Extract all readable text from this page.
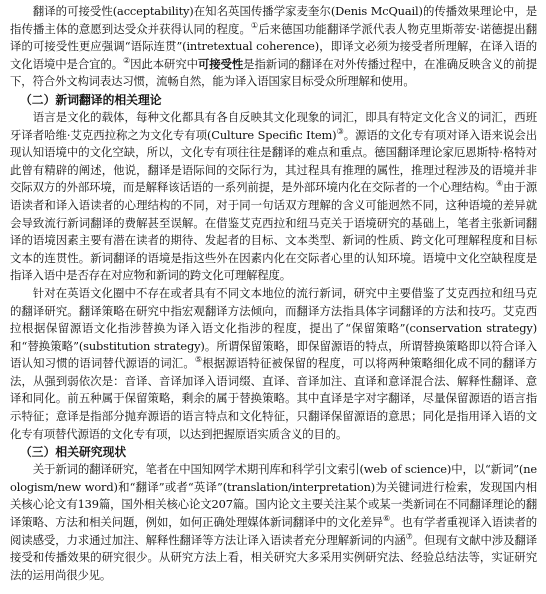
翻译的可接受性(acceptability)在知名英国传播学家麦奎尔(Denis McQuail)的传播效果理论中，是指传播主体的意愿到达受众并获得认同的程度。①后来德国功能翻译学派代表人物克里斯蒂安·诺德提出翻译的可接受性更应强调“语际连贯”(intretextual coherence)，即译文必须为接受者所理解，在译入语的文化语境中是合宜的。②因此本研究中可接受性是指新词的翻译在对外传播过程中，在准确反映含义的前提下，符合外文构词表达习惯，流畅自然，能为译入语国家目标受众所理解和使用。

（二）新词翻译的相关理论

语言是文化的载体，每种文化都具有各自反映其文化现象的词汇，即具有特定文化含义的词汇，西班牙译者哈维·艾克西拉称之为文化专有项(Culture Specific Item)③。源语的文化专有项对译入语来说会出现认知语境中的文化空缺，所以，文化专有项往往是翻译的难点和重点。德国翻译理论家厄恩斯特·格特对此曾有精辟的阐述，他说，翻译是语际间的交际行为，其过程具有推理的属性，推理过程涉及的语境并非交际双方的外部环境，而是解释该话语的一系列前提，是外部环境内化在交际者的一个心理结构。④由于源语读者和译入语读者的心理结构的不同，对于同一句话双方理解的含义可能迥然不同，这种语境的差异就会导致流行新词翻译的费解甚至误解。在借鉴艾克西拉和纽马克关于语境研究的基础上，笔者主张新词翻译的语境因素主要有潜在读者的期待、发起者的目标、文本类型、新词的性质、跨文化可理解程度和目标文本的连贯性。新词翻译的语境是指这些外在因素内化在交际者心里的认知环境。语境中文化空缺程度是指译入语中是否存在对应物和新词的跨文化可理解程度。

针对在英语文化圈中不存在或者具有不同文本地位的流行新词，研究中主要借鉴了艾克西拉和纽马克的翻译研究。翻译策略在研究中指宏观翻译方法倾向，而翻译方法指具体字词翻译的方法和技巧。艾克西拉根据保留源语文化指涉替换为译入语文化指涉的程度，提出了“保留策略”(conservation strategy)和“替换策略”(substitution strategy)。所谓保留策略，即保留源语的特点，所谓替换策略即以符合译入语认知习惯的语词替代源语的词汇。⑤根据源语特征被保留的程度，可以将两种策略细化成不同的翻译方法，从强到弱依次是：音译、音译加译入语词缀、直译、音译加注、直译和意译混合法、解释性翻译、意译和同化。前五种属于保留策略，剩余的属于替换策略。其中直译是字对字翻译，尽量保留源语的语言指示特征；意译是指部分抛弃源语的语言特点和文化特征，只翻译保留源语的意思；同化是指用译入语的文化专有项替代源语的文化专有项，以达到把握原语实质含义的目的。

（三）相关研究现状

关于新词的翻译研究，笔者在中国知网学术期刊库和科学引文索引(web of science)中，以“新词”(neologism/new word)和“翻译”或者“英译”(translation/interpretation)为关键词进行检索，发现国内相关核心论文有139篇，国外相关核心论文207篇。国内论文主要关注某个或某一类新词在不同翻译理论的翻译策略、方法和相关问题，例如，如何正确处理媒体新词翻译中的文化差异⑥。也有学者重视译入语读者的阅读感受，力求通过加注、解释性翻译等方法让译入语读者充分理解新词的内涵⑦。但现有文献中涉及翻译接受和传播效果的研究很少。从研究方法上看，相关研究大多采用实例研究法、经验总结法等，实证研究法的运用尚很少见。
